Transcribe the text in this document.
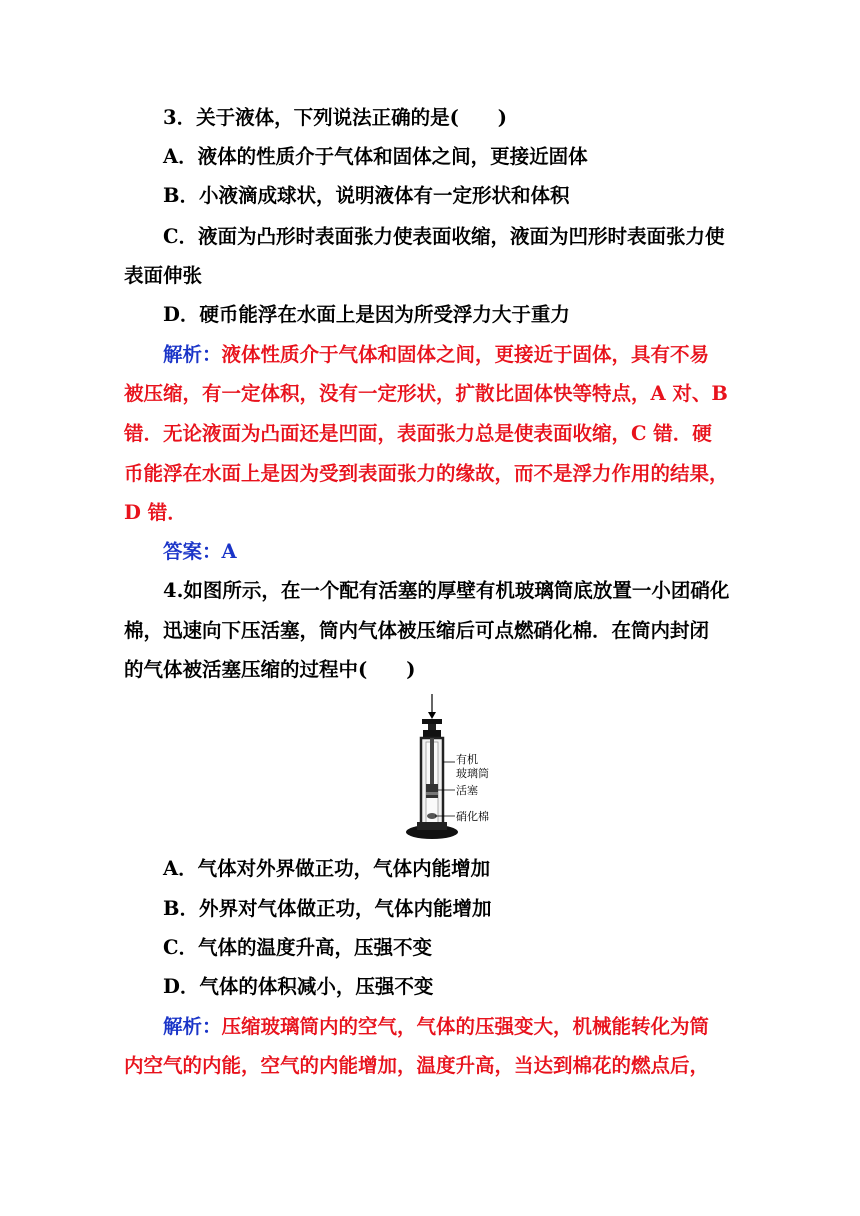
3．关于液体，下列说法正确的是(　　)
A．液体的性质介于气体和固体之间，更接近固体
B．小液滴成球状，说明液体有一定形状和体积
C．液面为凸形时表面张力使表面收缩，液面为凹形时表面张力使
表面伸张
D．硬币能浮在水面上是因为所受浮力大于重力
解析：液体性质介于气体和固体之间，更接近于固体，具有不易
被压缩，有一定体积，没有一定形状，扩散比固体快等特点，A 对、B
错．无论液面为凸面还是凹面，表面张力总是使表面收缩，C 错．硬
币能浮在水面上是因为受到表面张力的缘故，而不是浮力作用的结果，
D 错．
答案：A
4.如图所示，在一个配有活塞的厚壁有机玻璃筒底放置一小团硝化
棉，迅速向下压活塞，筒内气体被压缩后可点燃硝化棉．在筒内封闭
的气体被活塞压缩的过程中(　　)
有机
玻璃筒
活塞
硝化棉
A．气体对外界做正功，气体内能增加
B．外界对气体做正功，气体内能增加
C．气体的温度升高，压强不变
D．气体的体积减小，压强不变
解析：压缩玻璃筒内的空气，气体的压强变大，机械能转化为筒
内空气的内能，空气的内能增加，温度升高，当达到棉花的燃点后，
